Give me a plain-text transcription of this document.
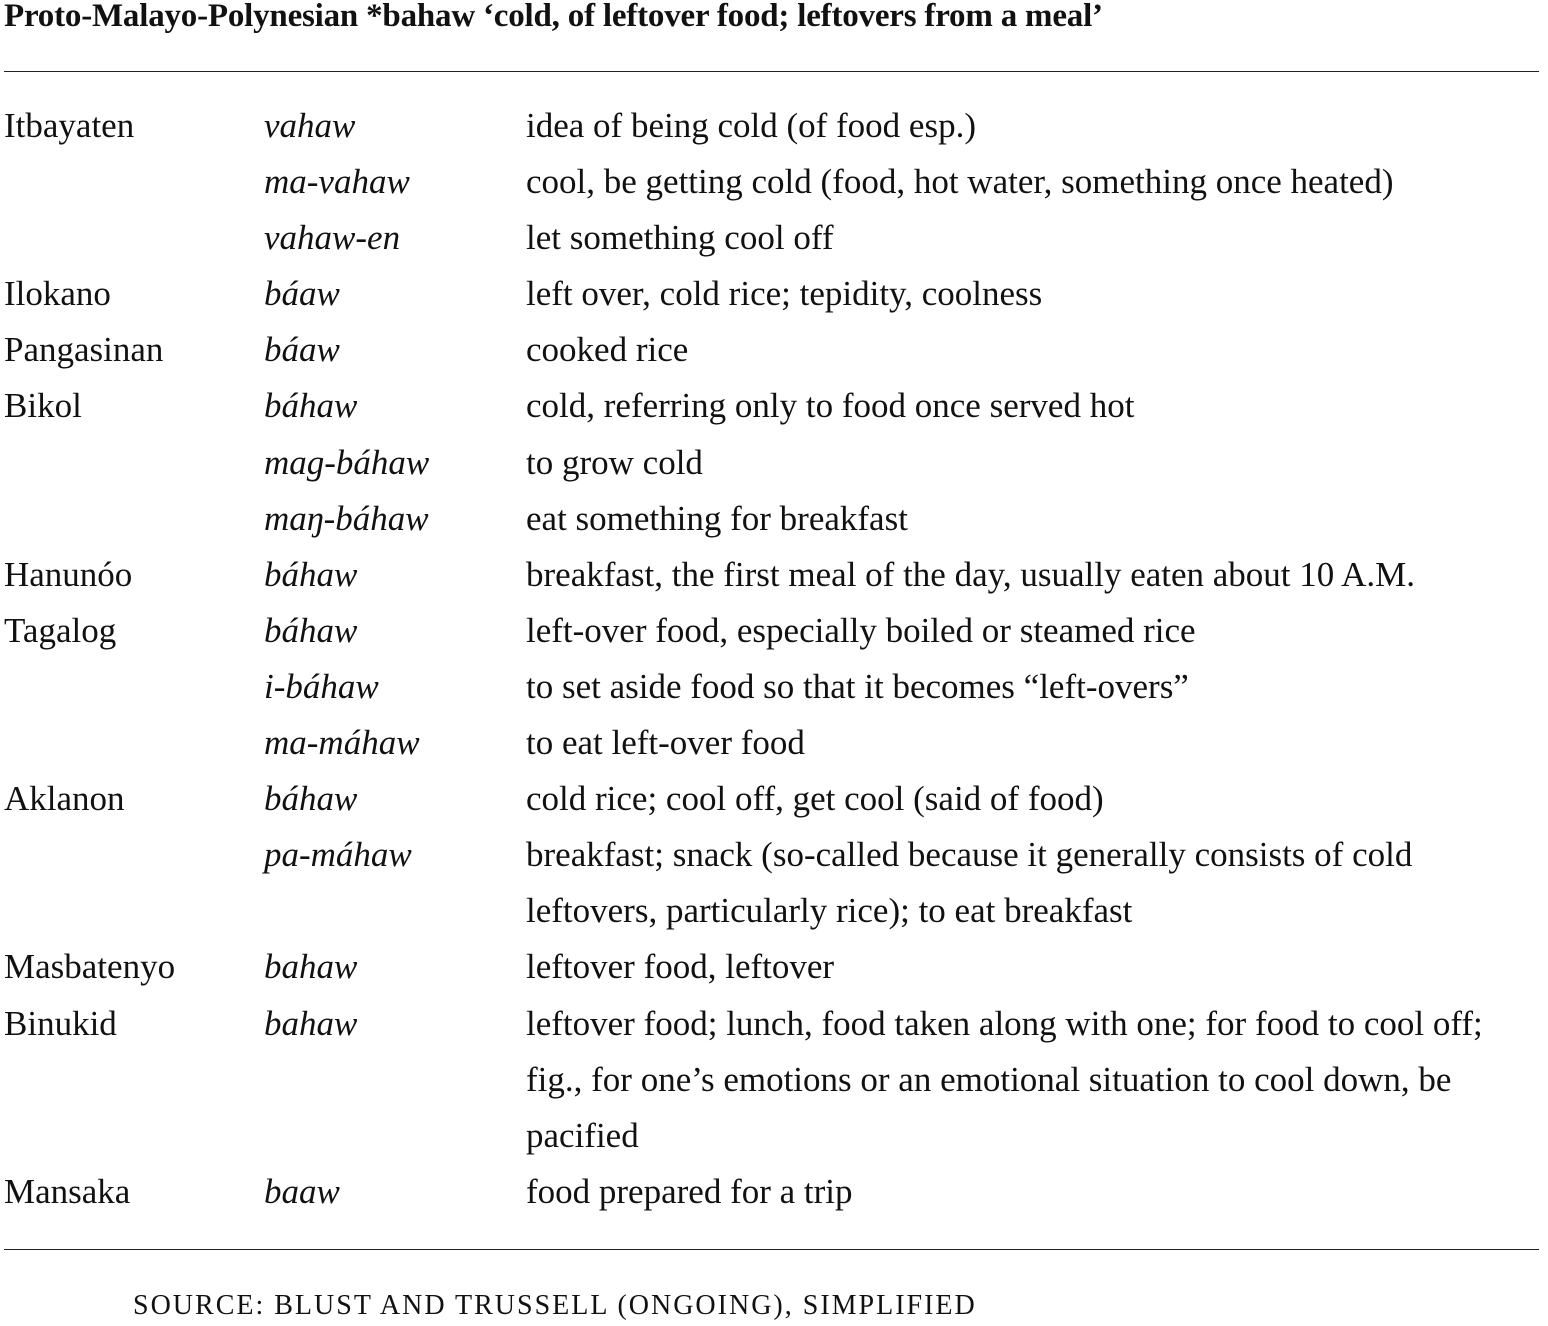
Proto-Malayo-Polynesian *bahaw ‘cold, of leftover food; leftovers from a meal’
Itbayaten	vahaw	idea of being cold (of food esp.)
ma-vahaw	cool, be getting cold (food, hot water, something once heated)
vahaw-en	let something cool off
Ilokano	báaw	left over, cold rice; tepidity, coolness
Pangasinan	báaw	cooked rice
Bikol	báhaw	cold, referring only to food once served hot
mag-báhaw	to grow cold
maŋ-báhaw	eat something for breakfast
Hanunóo	báhaw	breakfast, the first meal of the day, usually eaten about 10 A.M.
Tagalog	báhaw	left-over food, especially boiled or steamed rice
i-báhaw	to set aside food so that it becomes “left-overs”
ma-máhaw	to eat left-over food
Aklanon	báhaw	cold rice; cool off, get cool (said of food)
pa-máhaw	breakfast; snack (so-called because it generally consists of cold leftovers, particularly rice); to eat breakfast
Masbatenyo	bahaw	leftover food, leftover
Binukid	bahaw	leftover food; lunch, food taken along with one; for food to cool off; fig., for one’s emotions or an emotional situation to cool down, be pacified
Mansaka	baaw	food prepared for a trip
SOURCE: BLUST AND TRUSSELL (ONGOING), SIMPLIFIED
